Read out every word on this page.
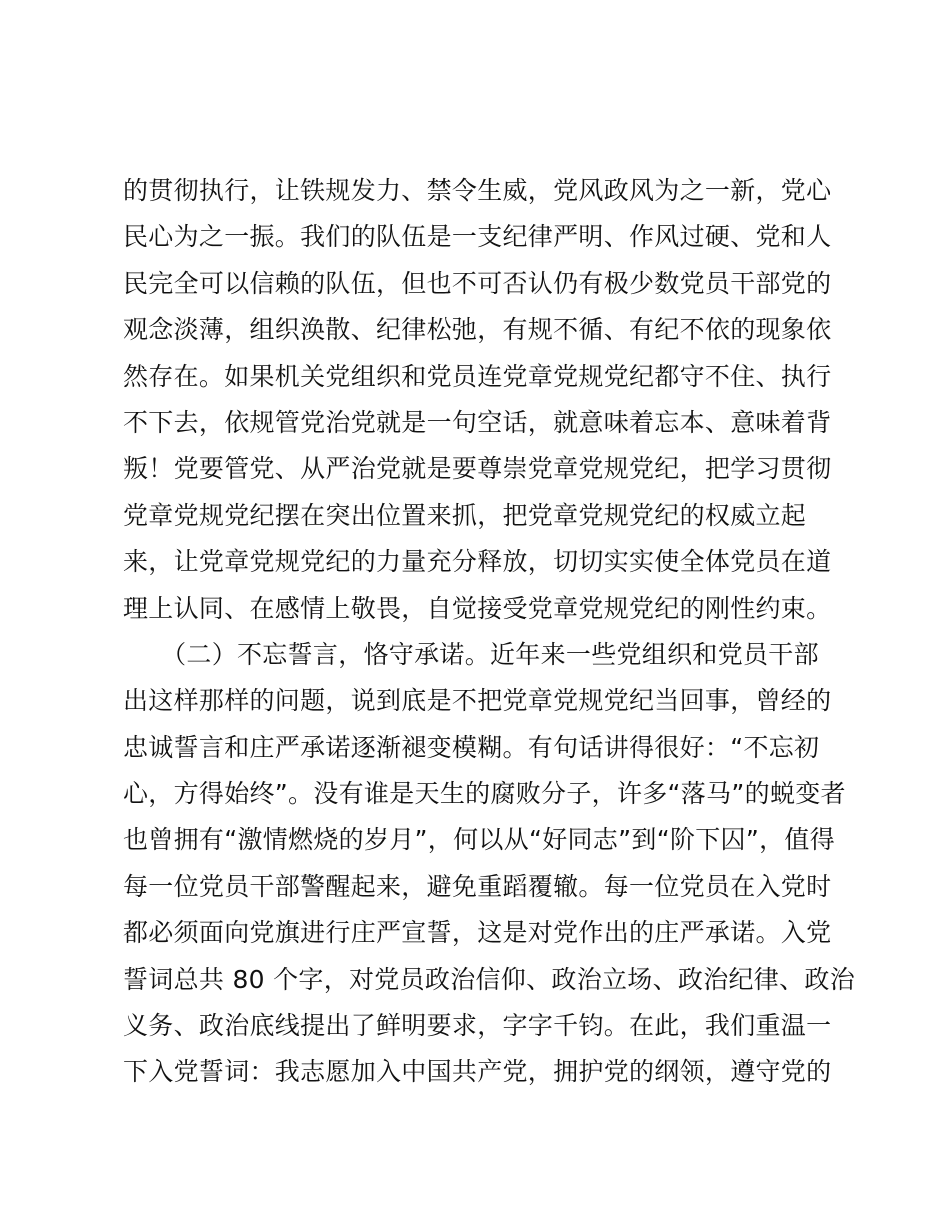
的贯彻执行，让铁规发力、禁令生威，党风政风为之一新，党心
民心为之一振。我们的队伍是一支纪律严明、作风过硬、党和人
民完全可以信赖的队伍，但也不可否认仍有极少数党员干部党的
观念淡薄，组织涣散、纪律松弛，有规不循、有纪不依的现象依
然存在。如果机关党组织和党员连党章党规党纪都守不住、执行
不下去，依规管党治党就是一句空话，就意味着忘本、意味着背
叛！党要管党、从严治党就是要尊崇党章党规党纪，把学习贯彻
党章党规党纪摆在突出位置来抓，把党章党规党纪的权威立起
来，让党章党规党纪的力量充分释放，切切实实使全体党员在道
理上认同、在感情上敬畏，自觉接受党章党规党纪的刚性约束。
　　（二）不忘誓言，恪守承诺。近年来一些党组织和党员干部
出这样那样的问题，说到底是不把党章党规党纪当回事，曾经的
忠诚誓言和庄严承诺逐渐褪变模糊。有句话讲得很好：“不忘初
心，方得始终”。没有谁是天生的腐败分子，许多“落马”的蜕变者
也曾拥有“激情燃烧的岁月”，何以从“好同志”到“阶下囚”，值得
每一位党员干部警醒起来，避免重蹈覆辙。每一位党员在入党时
都必须面向党旗进行庄严宣誓，这是对党作出的庄严承诺。入党
誓词总共 80 个字，对党员政治信仰、政治立场、政治纪律、政治
义务、政治底线提出了鲜明要求，字字千钧。在此，我们重温一
下入党誓词：我志愿加入中国共产党，拥护党的纲领，遵守党的
